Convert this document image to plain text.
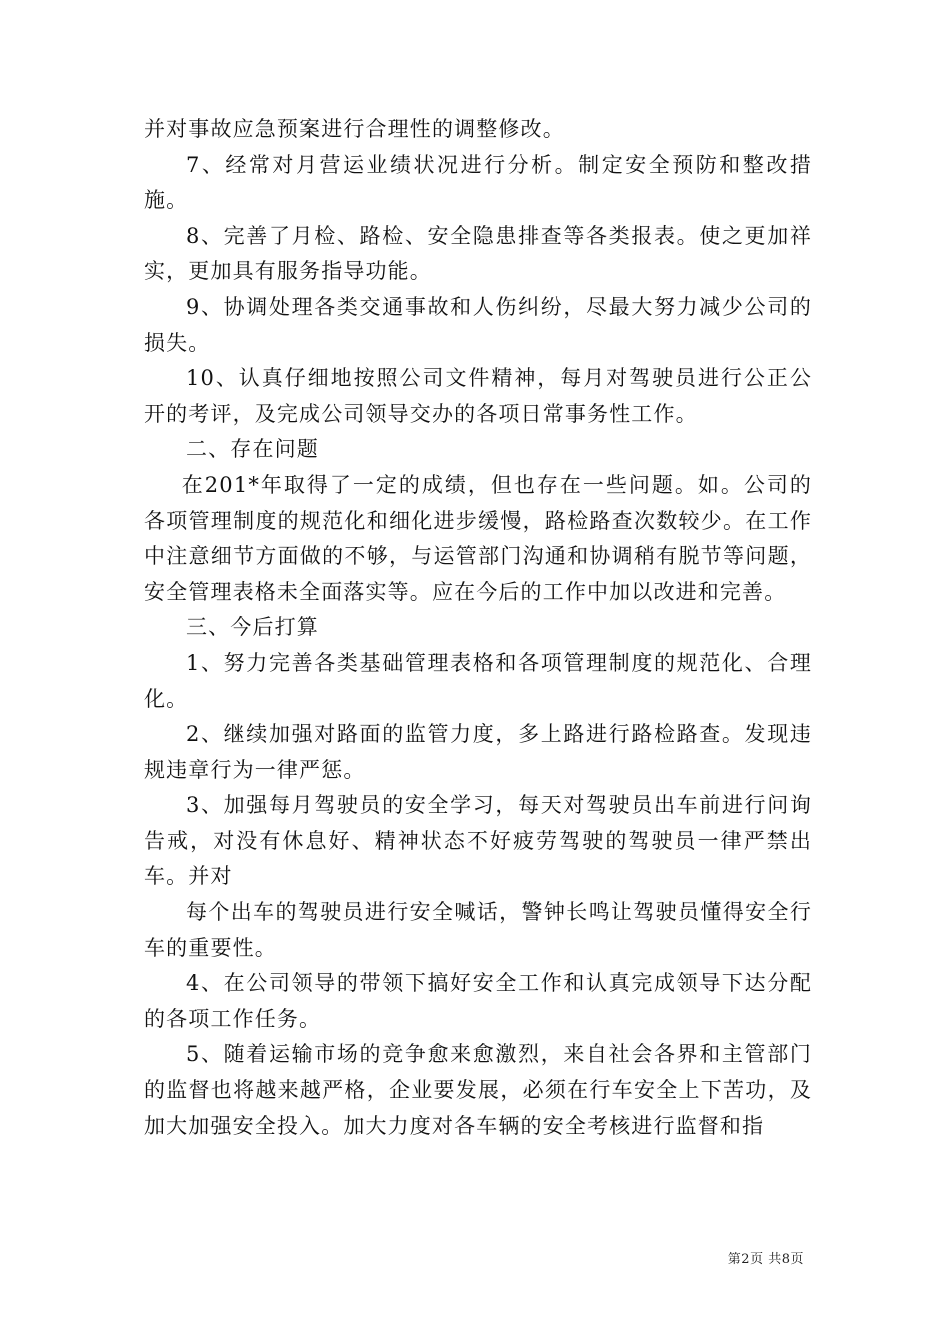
并对事故应急预案进行合理性的调整修改。

7、经常对月营运业绩状况进行分析。制定安全预防和整改措施。

8、完善了月检、路检、安全隐患排查等各类报表。使之更加祥实，更加具有服务指导功能。

9、协调处理各类交通事故和人伤纠纷，尽最大努力减少公司的损失。

10、认真仔细地按照公司文件精神，每月对驾驶员进行公正公开的考评，及完成公司领导交办的各项日常事务性工作。

二、存在问题

在201*年取得了一定的成绩，但也存在一些问题。如。公司的各项管理制度的规范化和细化进步缓慢，路检路查次数较少。在工作中注意细节方面做的不够，与运管部门沟通和协调稍有脱节等问题，安全管理表格未全面落实等。应在今后的工作中加以改进和完善。

三、今后打算

1、努力完善各类基础管理表格和各项管理制度的规范化、合理化。

2、继续加强对路面的监管力度，多上路进行路检路查。发现违规违章行为一律严惩。

3、加强每月驾驶员的安全学习，每天对驾驶员出车前进行问询告戒，对没有休息好、精神状态不好疲劳驾驶的驾驶员一律严禁出车。并对

每个出车的驾驶员进行安全喊话，警钟长鸣让驾驶员懂得安全行车的重要性。

4、在公司领导的带领下搞好安全工作和认真完成领导下达分配的各项工作任务。

5、随着运输市场的竞争愈来愈激烈，来自社会各界和主管部门的监督也将越来越严格，企业要发展，必须在行车安全上下苦功，及加大加强安全投入。加大力度对各车辆的安全考核进行监督和指

第2页 共8页
